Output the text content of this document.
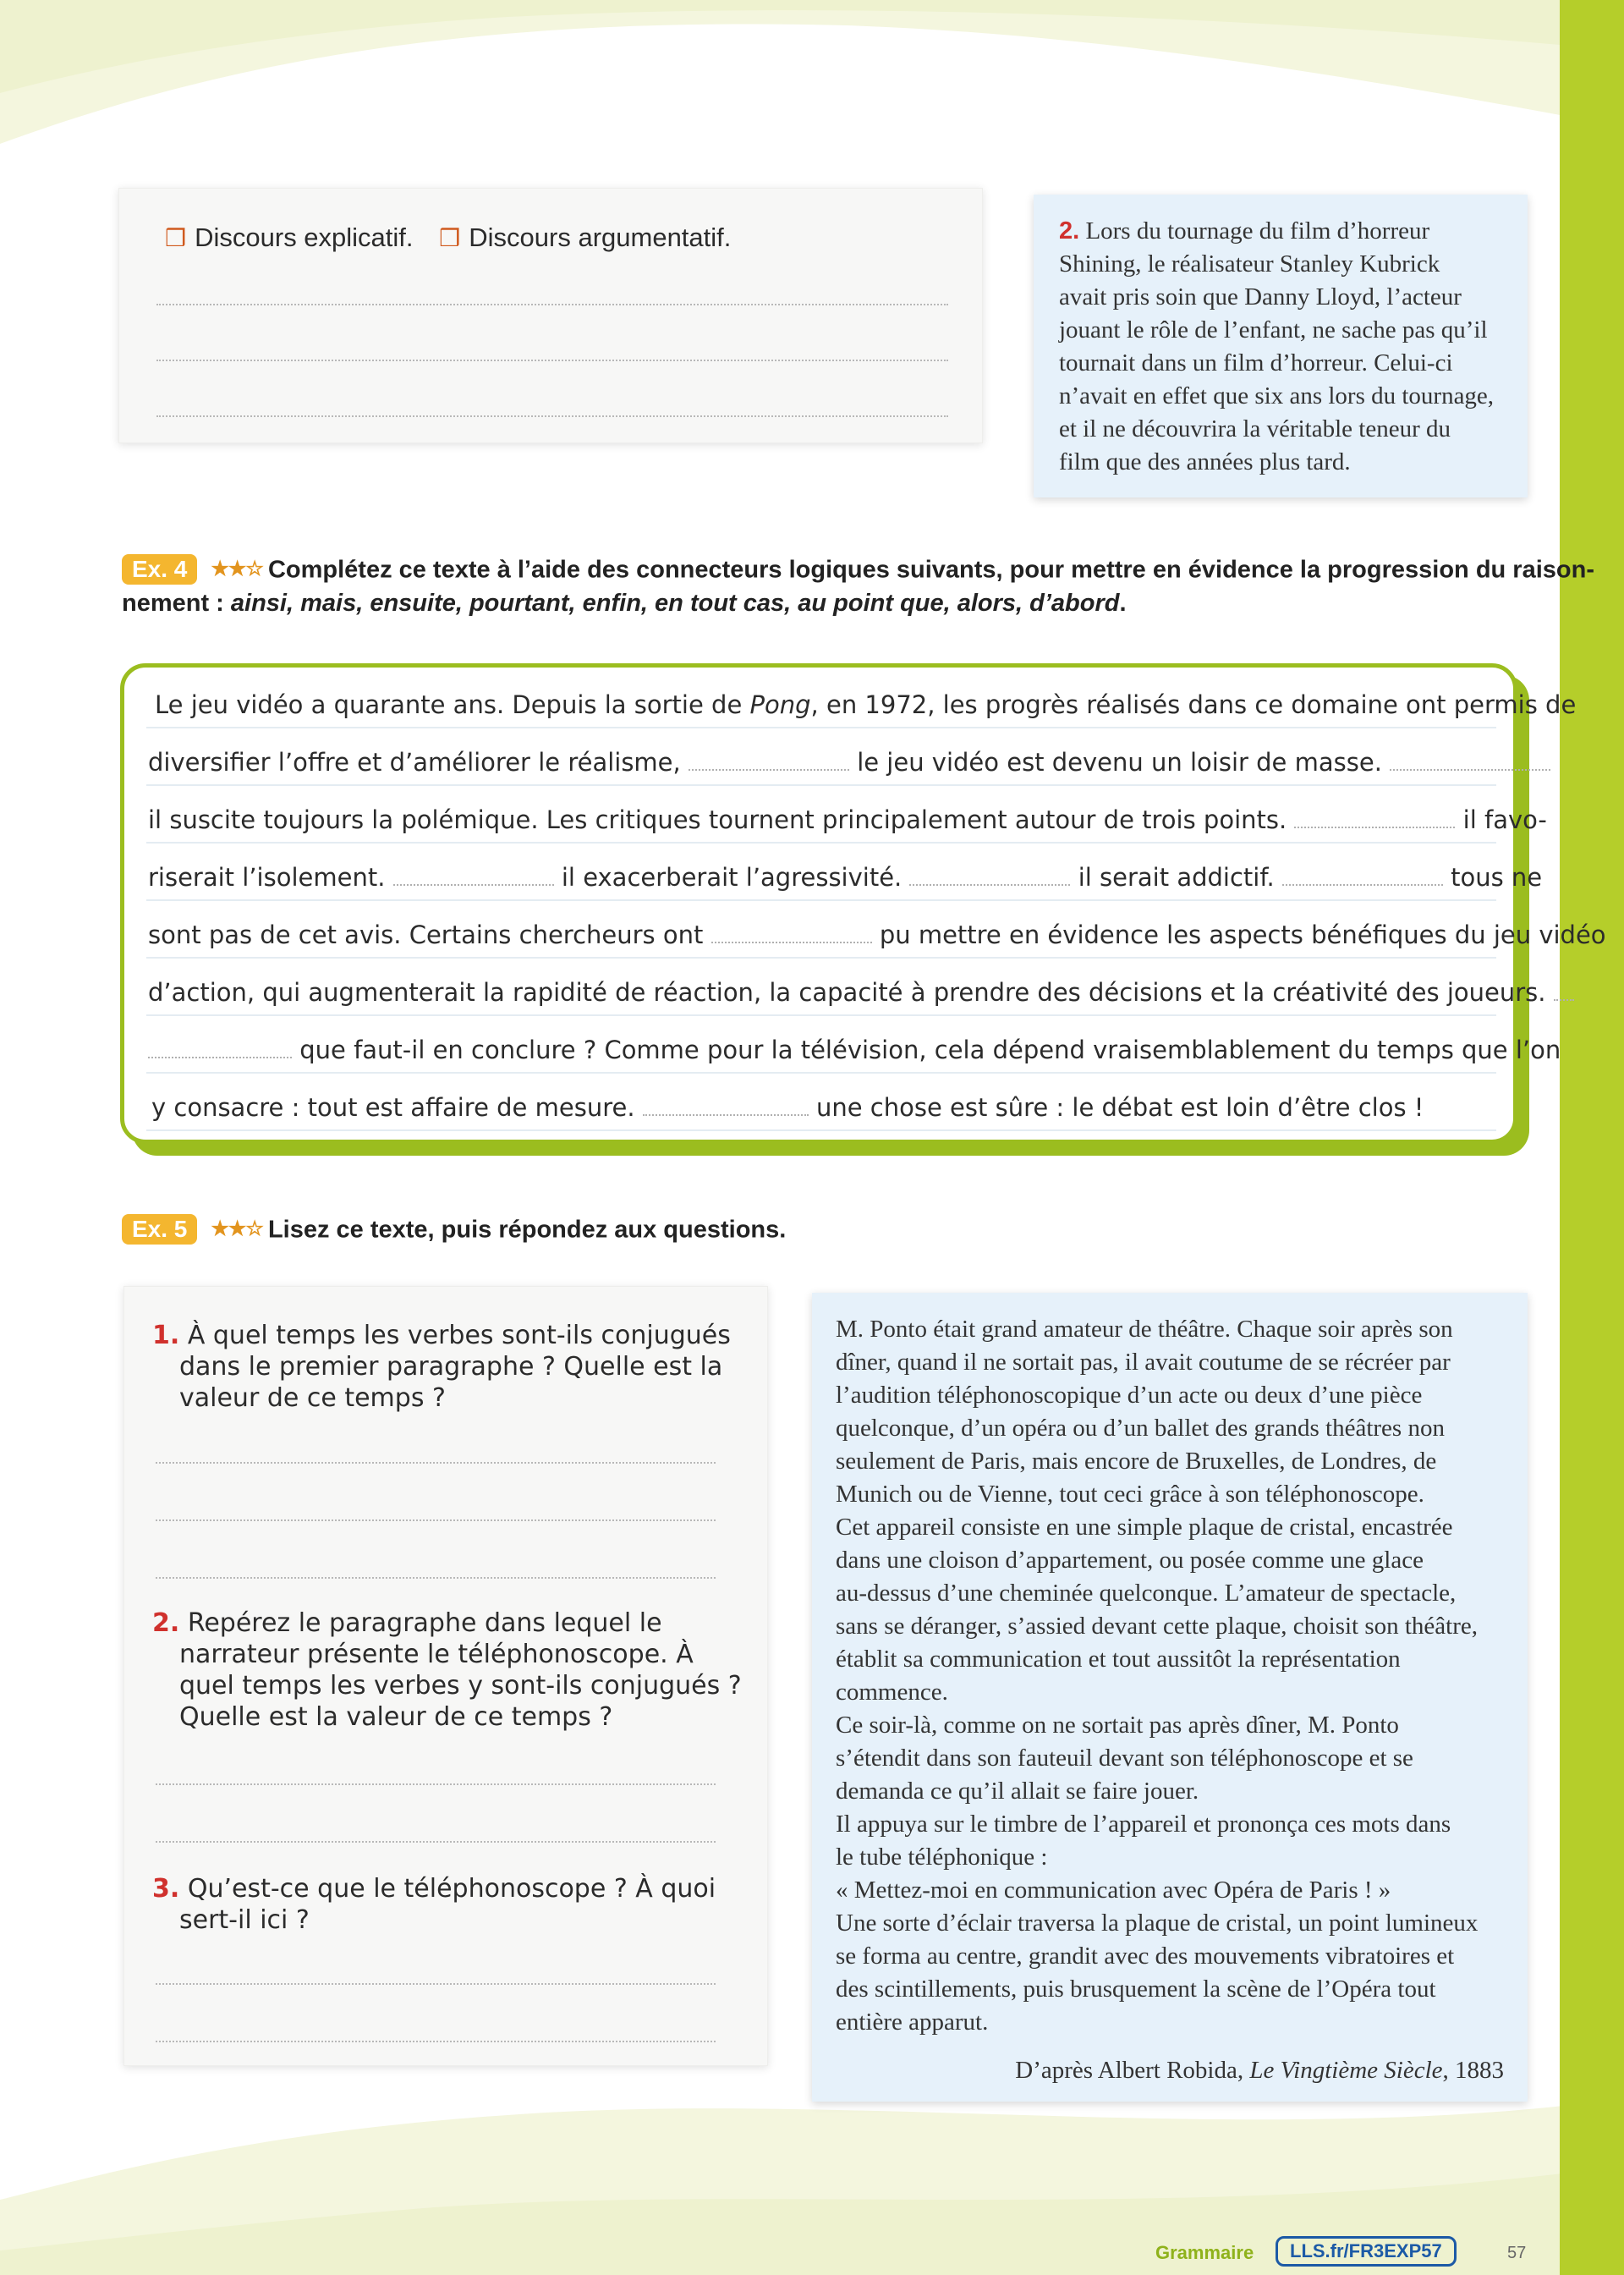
❒ Discours explicatif. ❒ Discours argumentatif.	2. Lors du tournage du film d’horreur
Shining, le réalisateur Stanley Kubrick
avait pris soin que Danny Lloyd, l’acteur
jouant le rôle de l’enfant, ne sache pas qu’il
tournait dans un film d’horreur. Celui-ci
n’avait en effet que six ans lors du tournage,
et il ne découvrira la véritable teneur du
film que des années plus tard.
Ex. 4 ★★☆ Complétez ce texte à l’aide des connecteurs logiques suivants, pour mettre en évidence la progression du raison-
nement : ainsi, mais, ensuite, pourtant, enfin, en tout cas, au point que, alors, d’abord.
Le jeu vidéo a quarante ans. Depuis la sortie de Pong, en 1972, les progrès réalisés dans ce domaine ont permis de
diversifier l’offre et d’améliorer le réalisme,	le jeu vidéo est devenu un loisir de masse.
il suscite toujours la polémique. Les critiques tournent principalement autour de trois points.	il favo-
riserait l’isolement.	il exacerberait l’agressivité.	il serait addictif.	tous ne
sont pas de cet avis. Certains chercheurs ont	pu mettre en évidence les aspects bénéfiques du jeu vidéo
d’action, qui augmenterait la rapidité de réaction, la capacité à prendre des décisions et la créativité des joueurs.
que faut-il en conclure ? Comme pour la télévision, cela dépend vraisemblablement du temps que l’on
y consacre : tout est affaire de mesure.	une chose est sûre : le débat est loin d’être clos !
Ex. 5 ★★☆ Lisez ce texte, puis répondez aux questions.
1. À quel temps les verbes sont-ils conjugués dans le premier paragraphe ? Quelle est la valeur de ce temps ?
2. Repérez le paragraphe dans lequel le narrateur présente le téléphonoscope. À quel temps les verbes y sont-ils conjugués ? Quelle est la valeur de ce temps ?
3. Qu’est-ce que le téléphonoscope ? À quoi sert-il ici ?
M. Ponto était grand amateur de théâtre. Chaque soir après son
dîner, quand il ne sortait pas, il avait coutume de se récréer par
l’audition téléphonoscopique d’un acte ou deux d’une pièce
quelconque, d’un opéra ou d’un ballet des grands théâtres non
seulement de Paris, mais encore de Bruxelles, de Londres, de
Munich ou de Vienne, tout ceci grâce à son téléphonoscope.
Cet appareil consiste en une simple plaque de cristal, encastrée
dans une cloison d’appartement, ou posée comme une glace
au-dessus d’une cheminée quelconque. L’amateur de spectacle,
sans se déranger, s’assied devant cette plaque, choisit son théâtre,
établit sa communication et tout aussitôt la représentation
commence.
Ce soir-là, comme on ne sortait pas après dîner, M. Ponto
s’étendit dans son fauteuil devant son téléphonoscope et se
demanda ce qu’il allait se faire jouer.
Il appuya sur le timbre de l’appareil et prononça ces mots dans
le tube téléphonique :
« Mettez-moi en communication avec Opéra de Paris ! »
Une sorte d’éclair traversa la plaque de cristal, un point lumineux
se forma au centre, grandit avec des mouvements vibratoires et
des scintillements, puis brusquement la scène de l’Opéra tout
entière apparut.
D’après Albert Robida, Le Vingtième Siècle, 1883
Grammaire	LLS.fr/FR3EXP57	57
